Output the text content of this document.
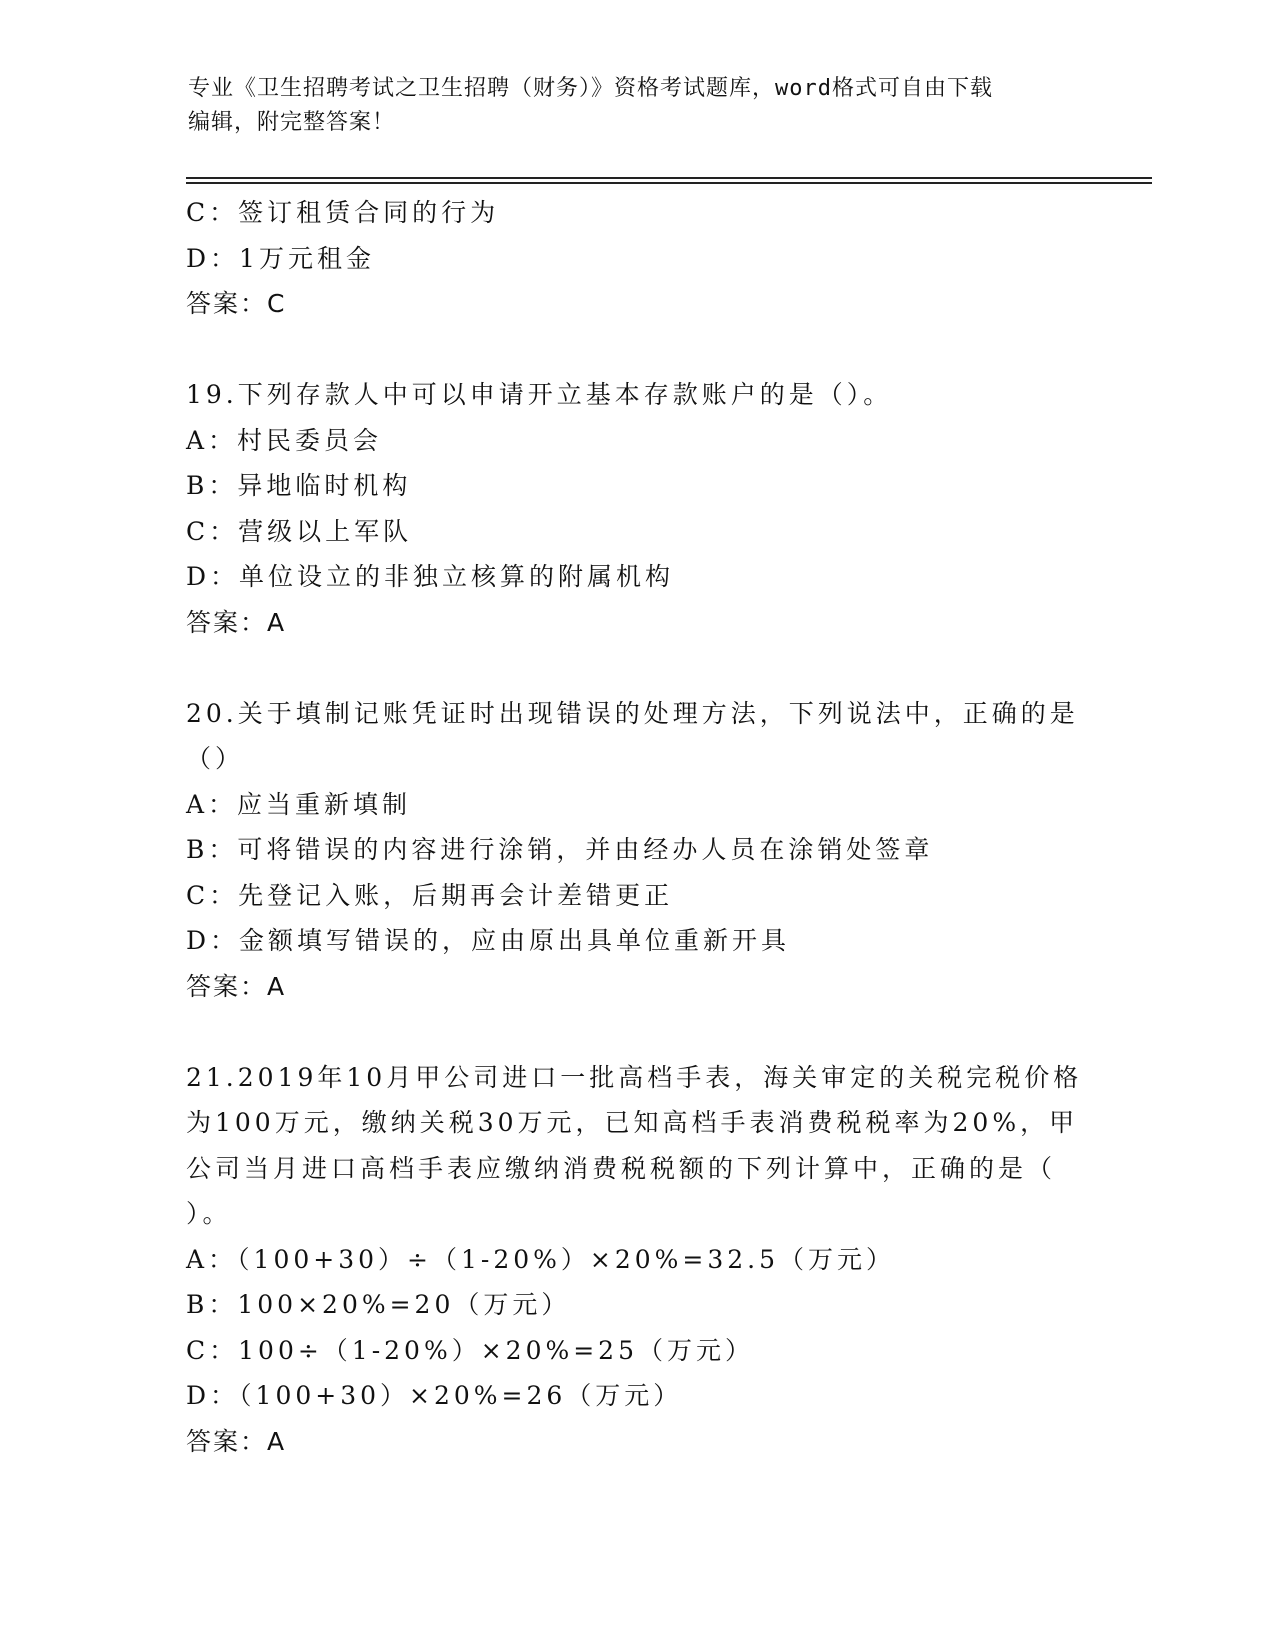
专业《卫生招聘考试之卫生招聘（财务）》资格考试题库，word格式可自由下载
编辑，附完整答案！
C：签订租赁合同的行为
D：1万元租金
答案：C
19.下列存款人中可以申请开立基本存款账户的是（）。
A：村民委员会
B：异地临时机构
C：营级以上军队
D：单位设立的非独立核算的附属机构
答案：A
20.关于填制记账凭证时出现错误的处理方法，下列说法中，正确的是
（）
A：应当重新填制
B：可将错误的内容进行涂销，并由经办人员在涂销处签章
C：先登记入账，后期再会计差错更正
D：金额填写错误的，应由原出具单位重新开具
答案：A
21.2019年10月甲公司进口一批高档手表，海关审定的关税完税价格
为100万元，缴纳关税30万元，已知高档手表消费税税率为20%，甲
公司当月进口高档手表应缴纳消费税税额的下列计算中，正确的是（
）。
A：（100+30）÷（1-20%）×20%=32.5（万元）
B：100×20%=20（万元）
C：100÷（1-20%）×20%=25（万元）
D：（100+30）×20%=26（万元）
答案：A
